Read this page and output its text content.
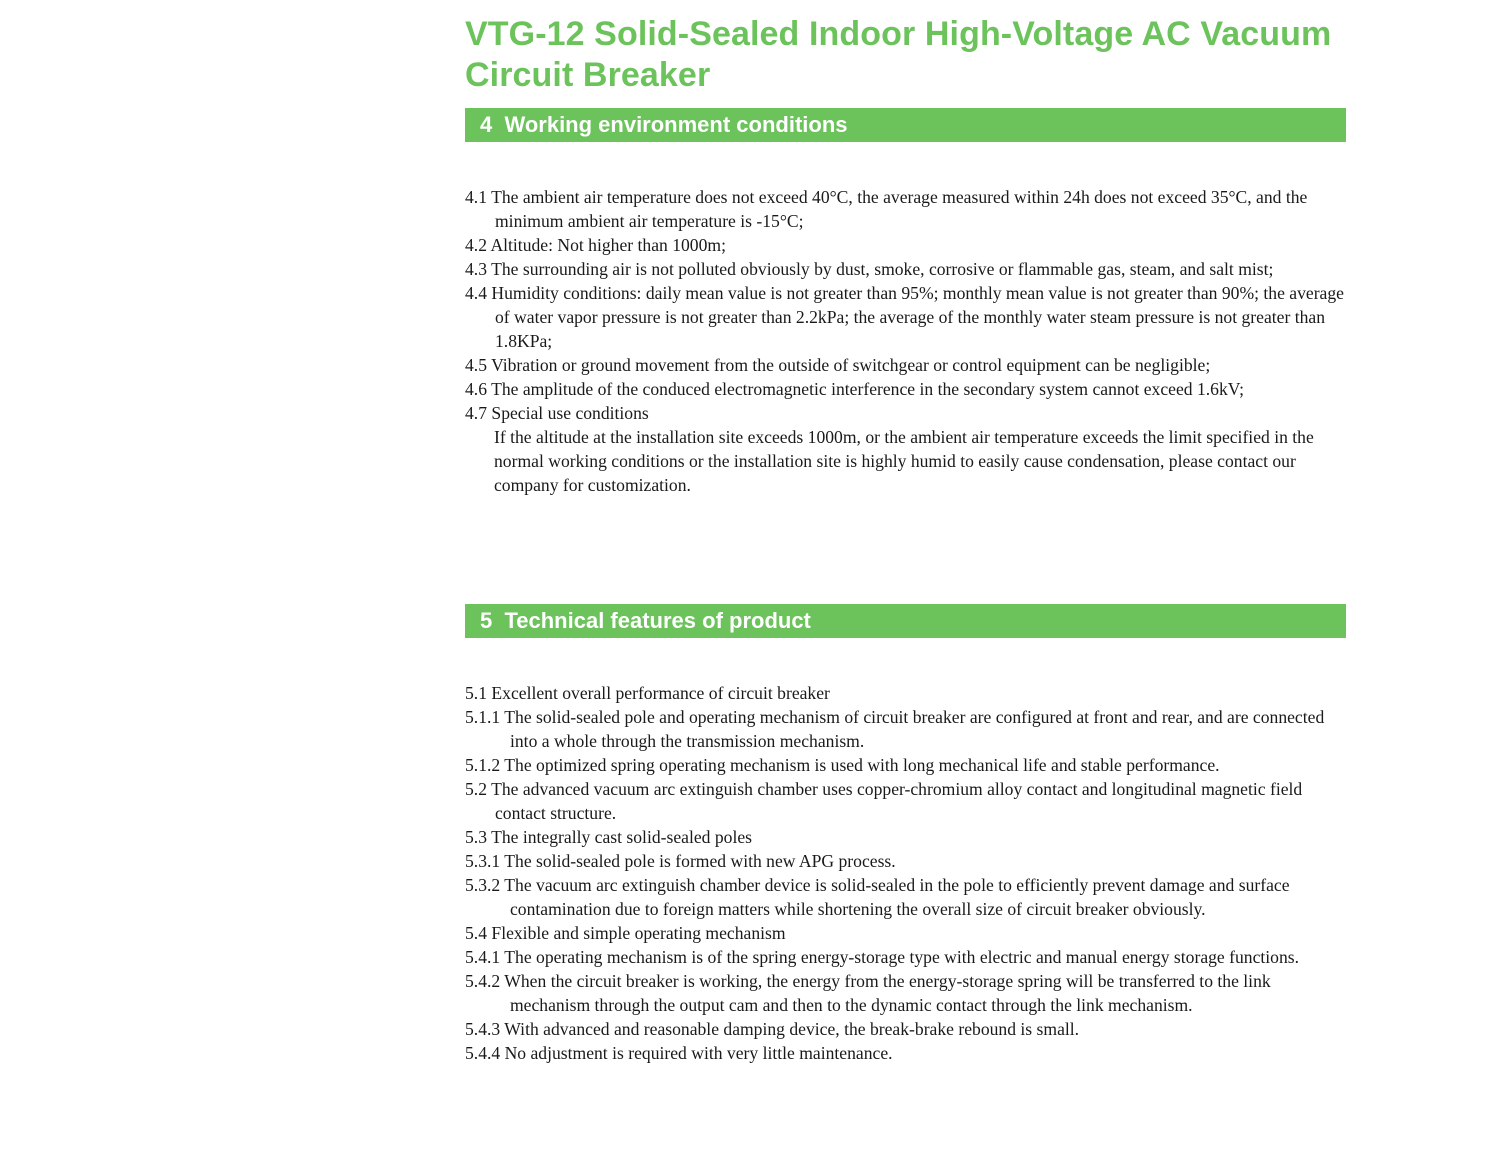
VTG-12 Solid-Sealed Indoor High-Voltage AC Vacuum Circuit Breaker
4  Working environment conditions
4.1 The ambient air temperature does not exceed 40°C, the average measured within 24h does not exceed 35°C, and the minimum ambient air temperature is -15°C;
4.2 Altitude: Not higher than 1000m;
4.3 The surrounding air is not polluted obviously by dust, smoke, corrosive or flammable gas, steam, and salt mist;
4.4 Humidity conditions: daily mean value is not greater than 95%; monthly mean value is not greater than 90%; the average of water vapor pressure is not greater than 2.2kPa; the average of the monthly water steam pressure is not greater than 1.8KPa;
4.5 Vibration or ground movement from the outside of switchgear or control equipment can be negligible;
4.6 The amplitude of the conduced electromagnetic interference in the secondary system cannot exceed 1.6kV;
4.7 Special use conditions
If the altitude at the installation site exceeds 1000m, or the ambient air temperature exceeds the limit specified in the normal working conditions or the installation site is highly humid to easily cause condensation, please contact our company for customization.
5  Technical features of product
5.1 Excellent overall performance of circuit breaker
5.1.1 The solid-sealed pole and operating mechanism of circuit breaker are configured at front and rear, and are connected into a whole through the transmission mechanism.
5.1.2 The optimized spring operating mechanism is used with long mechanical life and stable performance.
5.2 The advanced vacuum arc extinguish chamber uses copper-chromium alloy contact and longitudinal magnetic field contact structure.
5.3 The integrally cast solid-sealed poles
5.3.1 The solid-sealed pole is formed with new APG process.
5.3.2 The vacuum arc extinguish chamber device is solid-sealed in the pole to efficiently prevent damage and surface contamination due to foreign matters while shortening the overall size of circuit breaker obviously.
5.4 Flexible and simple operating mechanism
5.4.1 The operating mechanism is of the spring energy-storage type with electric and manual energy storage functions.
5.4.2 When the circuit breaker is working, the energy from the energy-storage spring will be transferred to the link mechanism through the output cam and then to the dynamic contact through the link mechanism.
5.4.3 With advanced and reasonable damping device, the break-brake rebound is small.
5.4.4 No adjustment is required with very little maintenance.
